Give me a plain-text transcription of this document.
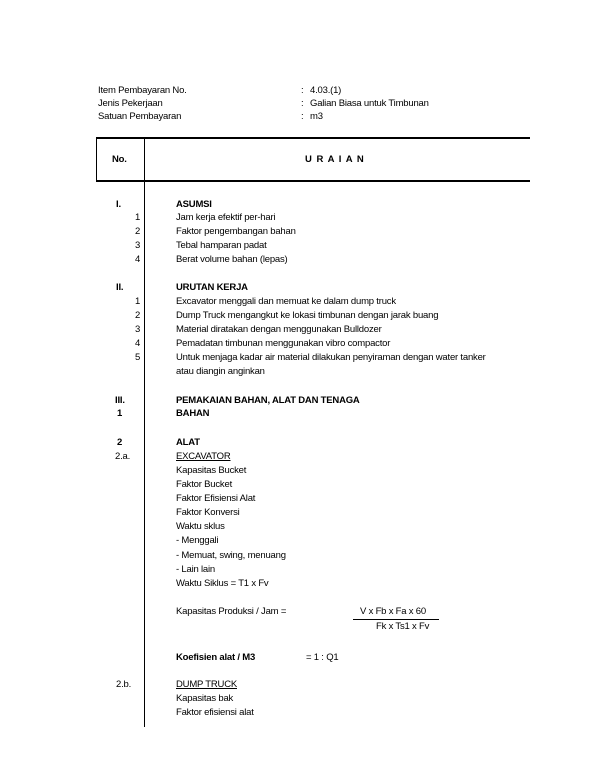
Item Pembayaran No.	: 4.03.(1)
Jenis Pekerjaan	: Galian Biasa untuk Timbunan
Satuan Pembayaran	: m3
No.	U R A I A N
I.	ASUMSI
1	Jam kerja efektif per-hari
2	Faktor pengembangan bahan
3	Tebal hamparan padat
4	Berat volume bahan (lepas)
II.	URUTAN KERJA
1	Excavator menggali dan memuat ke dalam dump truck
2	Dump Truck mengangkut ke lokasi timbunan dengan jarak buang
3	Material diratakan dengan menggunakan Bulldozer
4	Pemadatan timbunan menggunakan vibro compactor
5	Untuk menjaga kadar air material dilakukan penyiraman dengan water tanker
atau diangin anginkan
III.	PEMAKAIAN BAHAN, ALAT DAN TENAGA
1	BAHAN
2	ALAT
2.a.	EXCAVATOR
Kapasitas Bucket
Faktor Bucket
Faktor Efisiensi Alat
Faktor Konversi
Waktu sklus
- Menggali
- Memuat, swing, menuang
- Lain lain
Waktu Siklus = T1 x Fv
Kapasitas Produksi / Jam =	V x Fb x Fa x 60
Fk x Ts1 x Fv
Koefisien alat / M3	= 1 : Q1
2.b.	DUMP TRUCK
Kapasitas bak
Faktor efisiensi alat
